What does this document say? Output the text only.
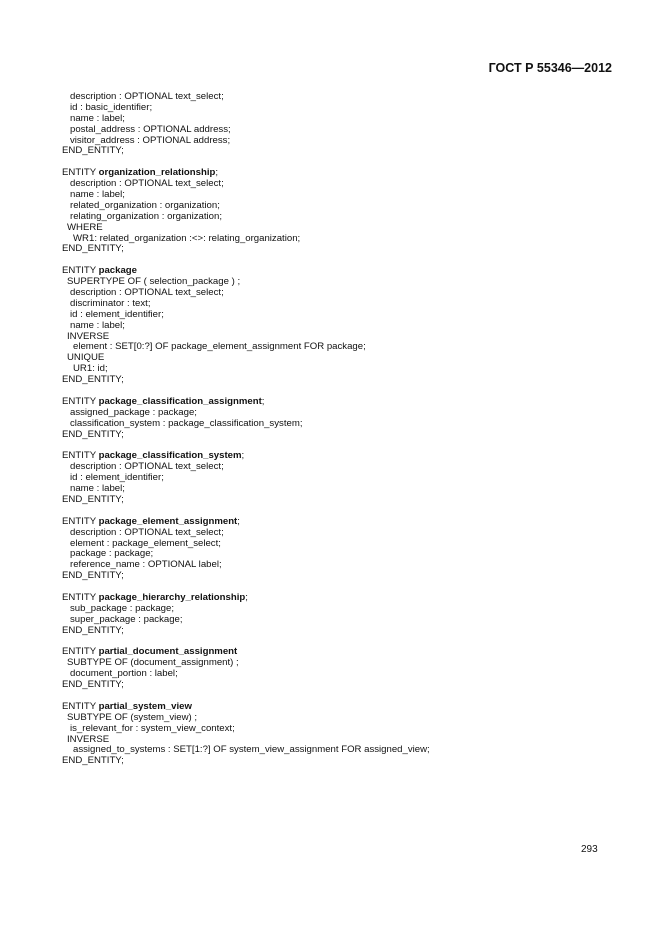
ГОСТ Р 55346—2012
description : OPTIONAL text_select;
id : basic_identifier;
name : label;
postal_address : OPTIONAL address;
visitor_address : OPTIONAL address;
END_ENTITY;
ENTITY organization_relationship;
description : OPTIONAL text_select;
name : label;
related_organization : organization;
relating_organization : organization;
WHERE
WR1: related_organization :<>: relating_organization;
END_ENTITY;
ENTITY package
SUPERTYPE OF ( selection_package ) ;
description : OPTIONAL text_select;
discriminator : text;
id : element_identifier;
name : label;
INVERSE
element : SET[0:?] OF package_element_assignment FOR package;
UNIQUE
UR1: id;
END_ENTITY;
ENTITY package_classification_assignment;
assigned_package : package;
classification_system : package_classification_system;
END_ENTITY;
ENTITY package_classification_system;
description : OPTIONAL text_select;
id : element_identifier;
name : label;
END_ENTITY;
ENTITY package_element_assignment;
description : OPTIONAL text_select;
element : package_element_select;
package : package;
reference_name : OPTIONAL label;
END_ENTITY;
ENTITY package_hierarchy_relationship;
sub_package : package;
super_package : package;
END_ENTITY;
ENTITY partial_document_assignment
SUBTYPE OF (document_assignment) ;
document_portion : label;
END_ENTITY;
ENTITY partial_system_view
SUBTYPE OF (system_view) ;
is_relevant_for : system_view_context;
INVERSE
assigned_to_systems : SET[1:?] OF system_view_assignment FOR assigned_view;
END_ENTITY;
293
